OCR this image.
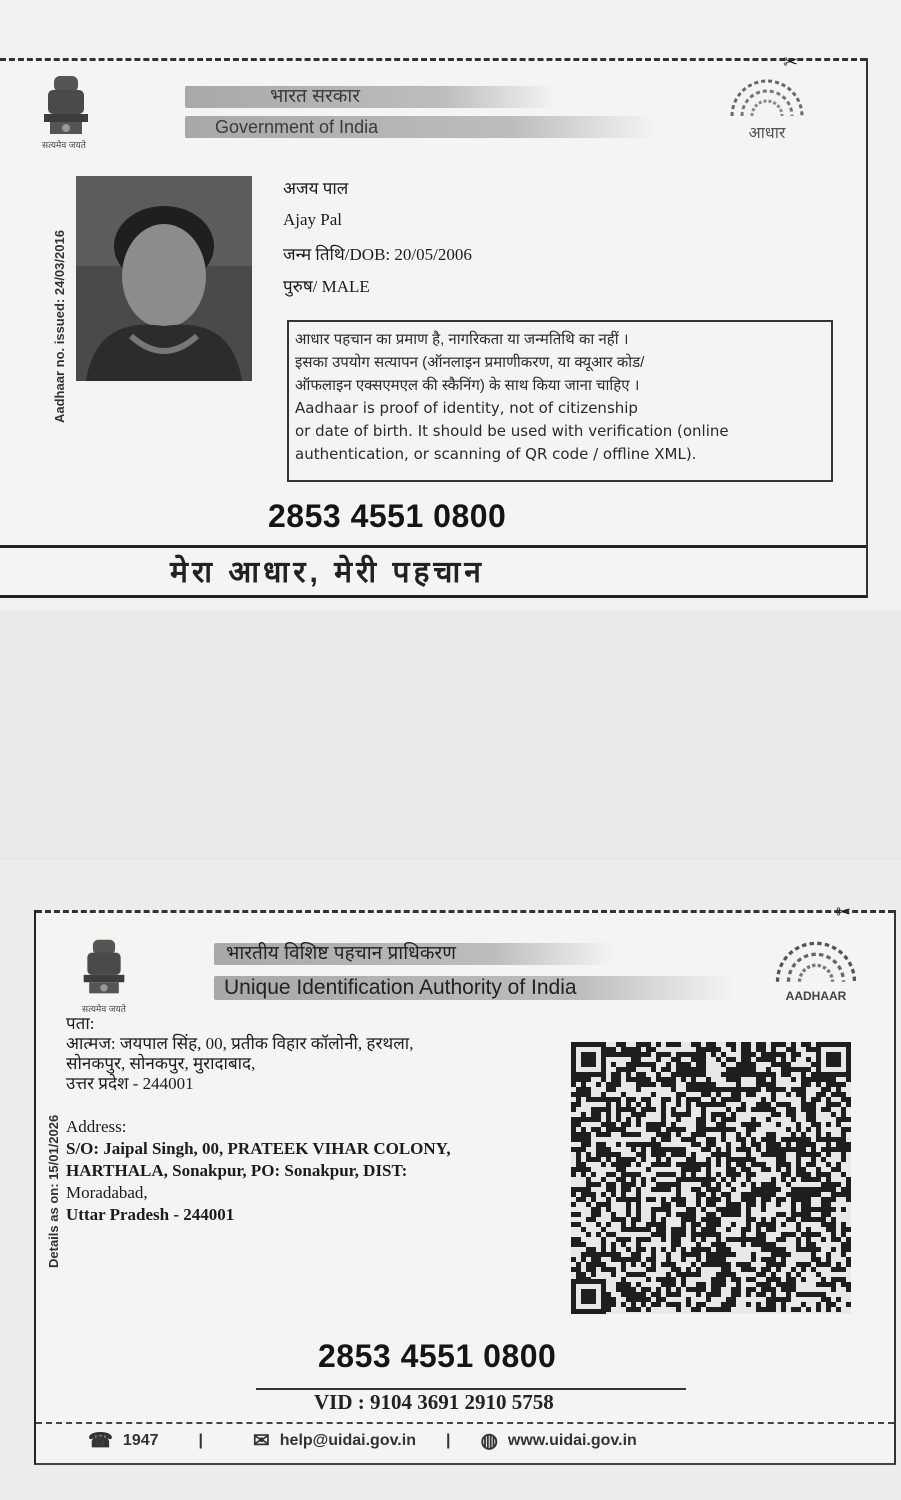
✂
सत्यमेव जयते
भारत सरकार
Government of India	आधार
Aadhaar no. issued: 24/03/2016
अजय पाल
Ajay Pal
जन्म तिथि/DOB: 20/05/2006
पुरुष/ MALE
आधार पहचान का प्रमाण है, नागरिकता या जन्मतिथि का नहीं ।
इसका उपयोग सत्यापन (ऑनलाइन प्रमाणीकरण, या क्यूआर कोड/
ऑफलाइन एक्सएमएल की स्कैनिंग) के साथ किया जाना चाहिए ।
Aadhaar is proof of identity, not of citizenship
or date of birth. It should be used with verification (online
authentication, or scanning of QR code / offline XML).
2853 4551 0800
मेरा आधार, मेरी पहचान
✂
सत्यमेव जयते
भारतीय विशिष्ट पहचान प्राधिकरण
Unique Identification Authority of India	AADHAAR
Details as on: 15/01/2026
पता:
आत्मज: जयपाल सिंह, 00, प्रतीक विहार कॉलोनी, हरथला,
सोनकपुर, सोनकपुर, मुरादाबाद,
उत्तर प्रदेश - 244001
Address:
S/O: Jaipal Singh, 00, PRATEEK VIHAR COLONY,
HARTHALA, Sonakpur, PO: Sonakpur, DIST:
Moradabad,
Uttar Pradesh - 244001
2853 4551 0800
VID : 9104 3691 2910 5758
☎ 1947	|	✉ help@uidai.gov.in | ◍ www.uidai.gov.in
